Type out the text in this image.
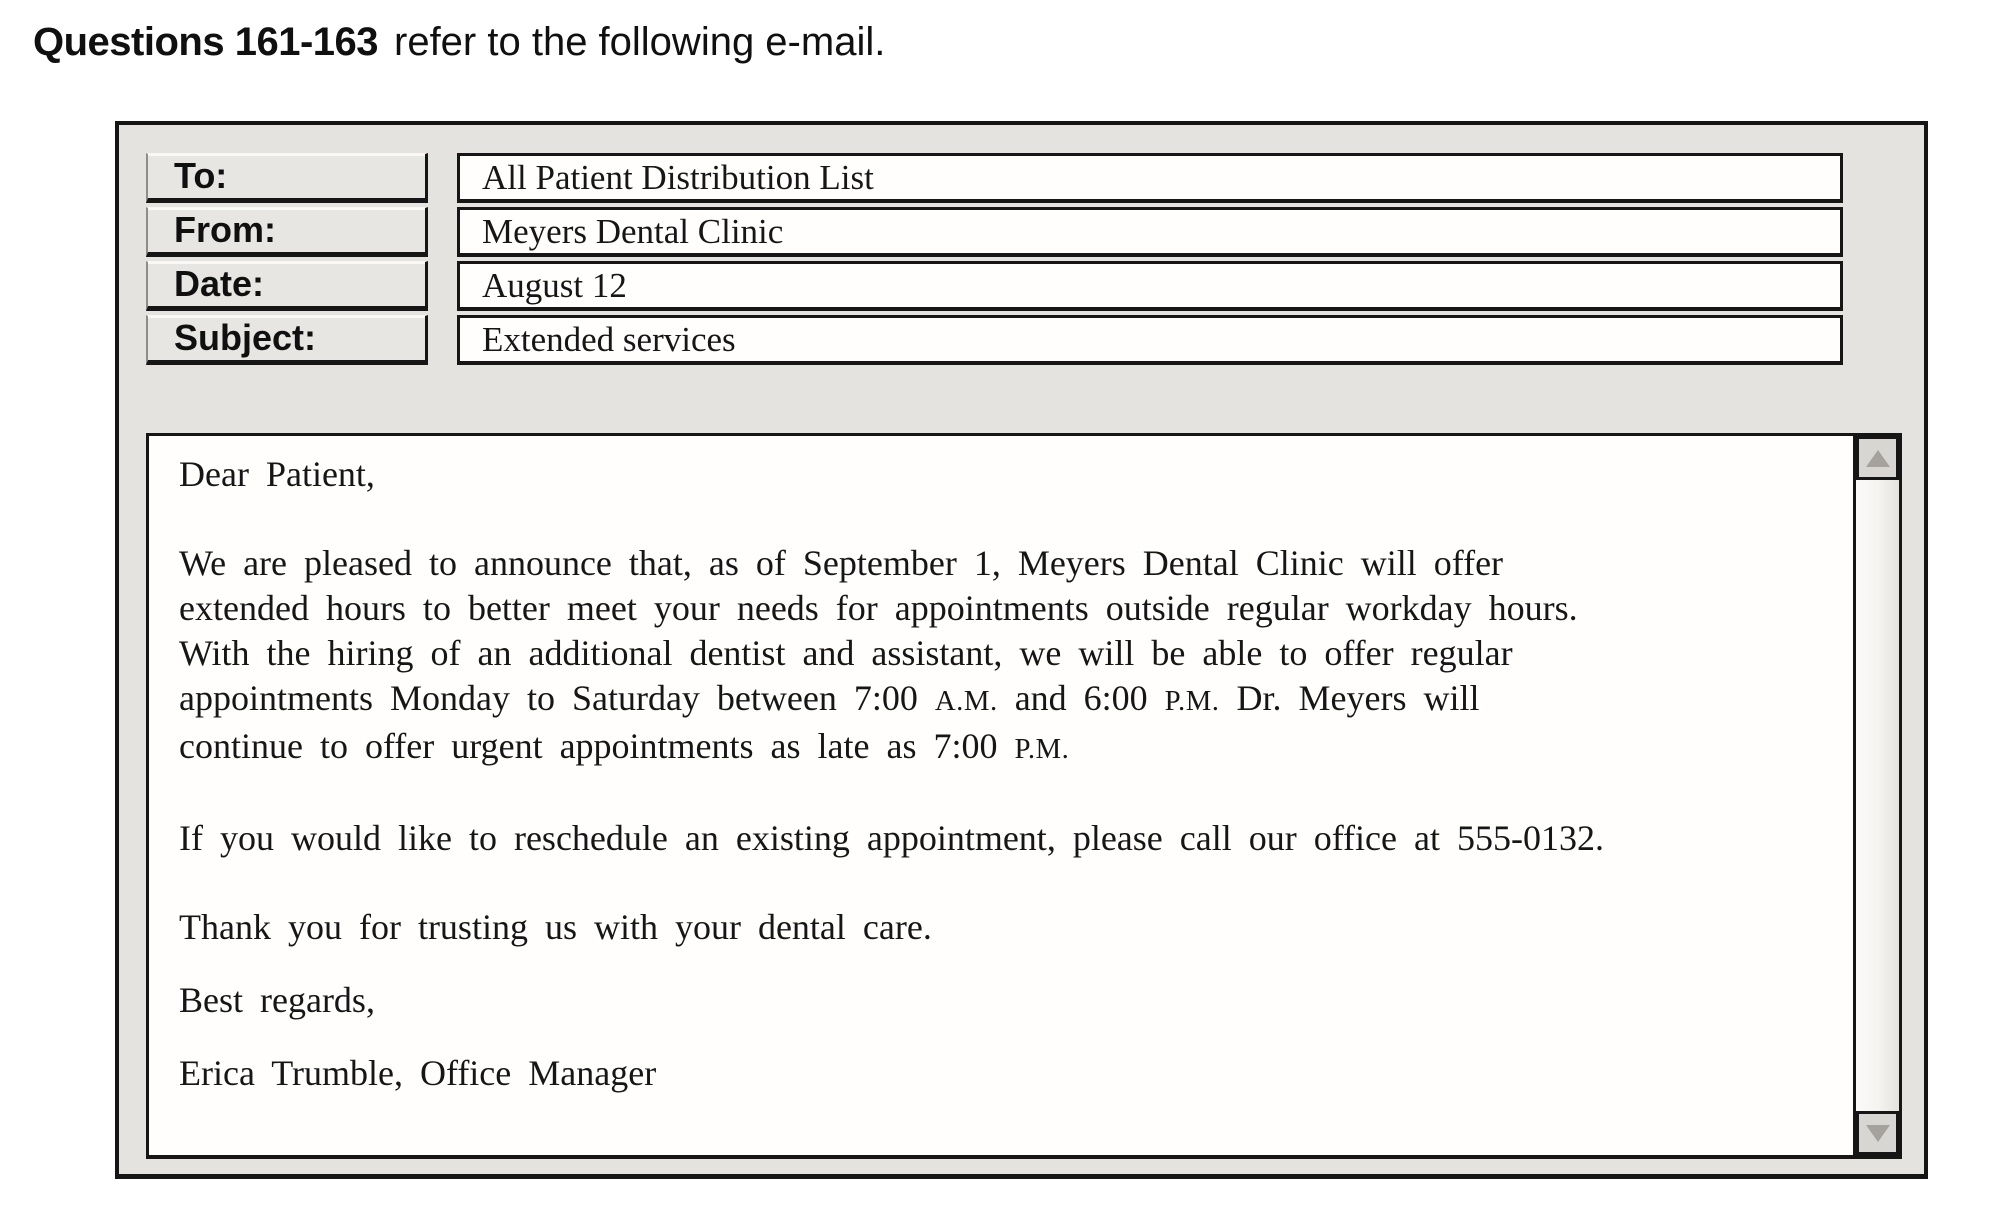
Questions 161-163 refer to the following e-mail.
To:	All Patient Distribution List
From:	Meyers Dental Clinic
Date:	August 12
Subject:	Extended services
Dear Patient,
We are pleased to announce that, as of September 1, Meyers Dental Clinic will offer
extended hours to better meet your needs for appointments outside regular workday hours.
With the hiring of an additional dentist and assistant, we will be able to offer regular
appointments Monday to Saturday between 7:00 A.M. and 6:00 P.M. Dr. Meyers will
continue to offer urgent appointments as late as 7:00 P.M.
If you would like to reschedule an existing appointment, please call our office at 555-0132.
Thank you for trusting us with your dental care.
Best regards,
Erica Trumble, Office Manager
